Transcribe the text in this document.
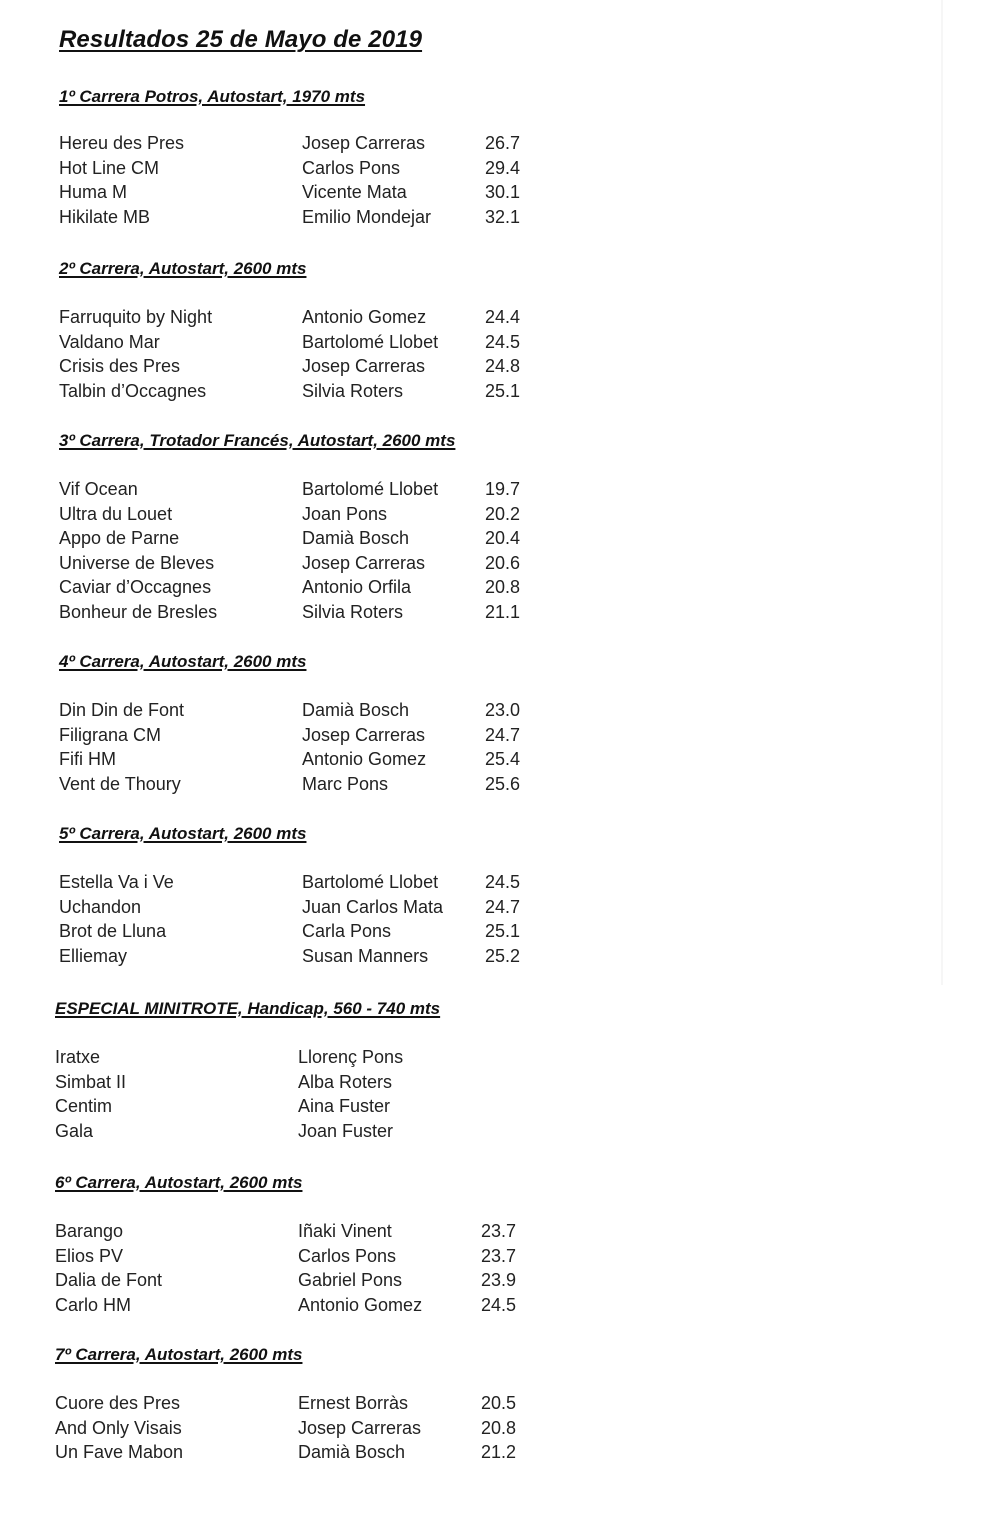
Resultados 25 de Mayo de 2019
1º Carrera Potros, Autostart, 1970 mts
Hereu des Pres	Josep Carreras	26.7
Hot Line CM	Carlos Pons	29.4
Huma M	Vicente Mata	30.1
Hikilate MB	Emilio Mondejar	32.1
2º Carrera, Autostart, 2600 mts
Farruquito by Night	Antonio Gomez	24.4
Valdano Mar	Bartolomé Llobet	24.5
Crisis des Pres	Josep Carreras	24.8
Talbin d’Occagnes	Silvia Roters	25.1
3º Carrera, Trotador Francés, Autostart, 2600 mts
Vif Ocean	Bartolomé Llobet	19.7
Ultra du Louet	Joan Pons	20.2
Appo de Parne	Damià Bosch	20.4
Universe de Bleves	Josep Carreras	20.6
Caviar d’Occagnes	Antonio Orfila	20.8
Bonheur de Bresles	Silvia Roters	21.1
4º Carrera, Autostart, 2600 mts
Din Din de Font	Damià Bosch	23.0
Filigrana CM	Josep Carreras	24.7
Fifi HM	Antonio Gomez	25.4
Vent de Thoury	Marc Pons	25.6
5º Carrera, Autostart, 2600 mts
Estella Va i Ve	Bartolomé Llobet	24.5
Uchandon	Juan Carlos Mata 24.7
Brot de Lluna	Carla Pons	25.1
Elliemay	Susan Manners	25.2
ESPECIAL MINITROTE, Handicap, 560 - 740 mts
Iratxe	Llorenç Pons
Simbat II	Alba Roters
Centim	Aina Fuster
Gala	Joan Fuster
6º Carrera, Autostart, 2600 mts
Barango	Iñaki Vinent	23.7
Elios PV	Carlos Pons	23.7
Dalia de Font	Gabriel Pons	23.9
Carlo HM	Antonio Gomez	24.5
7º Carrera, Autostart, 2600 mts
Cuore des Pres	Ernest Borràs	20.5
And Only Visais	Josep Carreras	20.8
Un Fave Mabon	Damià Bosch	21.2
